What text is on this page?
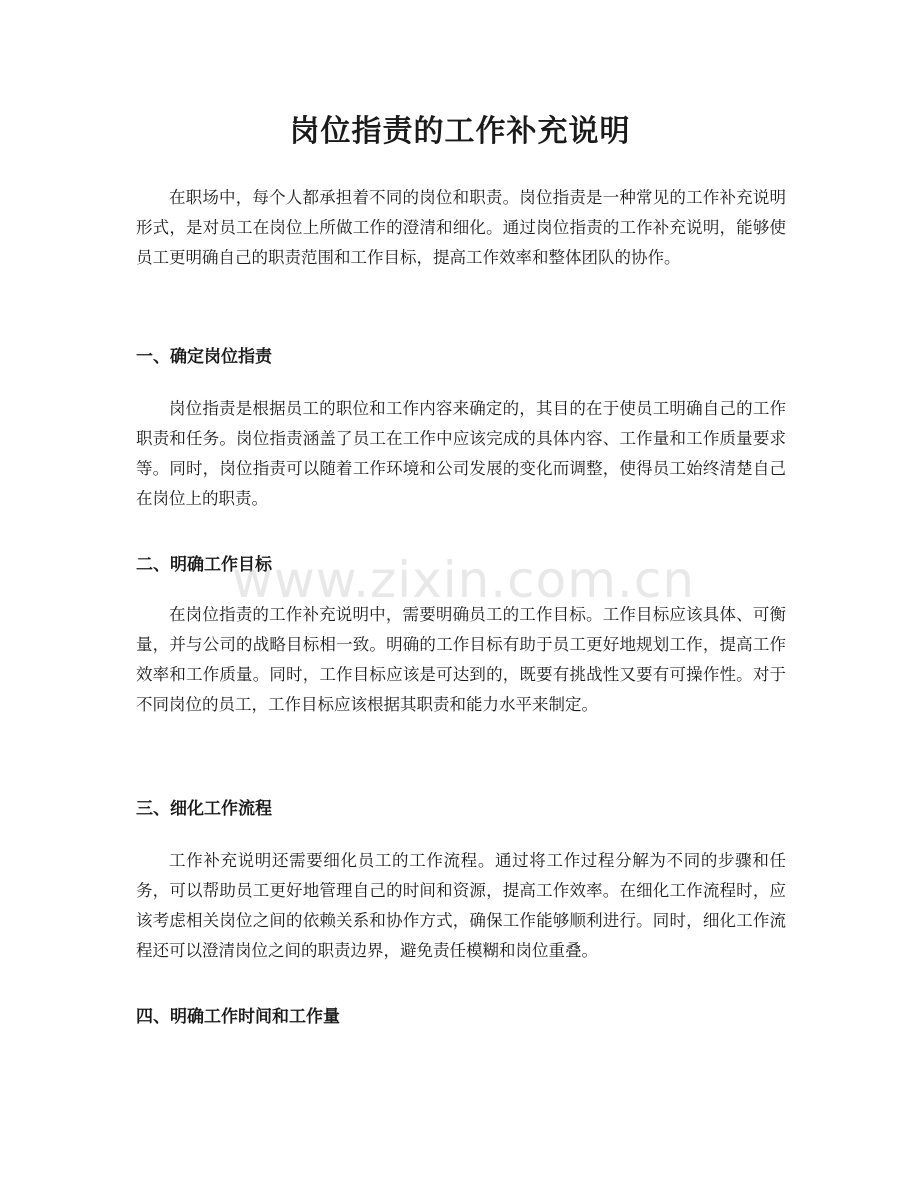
岗位指责的工作补充说明

在职场中，每个人都承担着不同的岗位和职责。岗位指责是一种常见的工作补充说明形式，是对员工在岗位上所做工作的澄清和细化。通过岗位指责的工作补充说明，能够使员工更明确自己的职责范围和工作目标，提高工作效率和整体团队的协作。

一、确定岗位指责

岗位指责是根据员工的职位和工作内容来确定的，其目的在于使员工明确自己的工作职责和任务。岗位指责涵盖了员工在工作中应该完成的具体内容、工作量和工作质量要求等。同时，岗位指责可以随着工作环境和公司发展的变化而调整，使得员工始终清楚自己在岗位上的职责。

二、明确工作目标

在岗位指责的工作补充说明中，需要明确员工的工作目标。工作目标应该具体、可衡量，并与公司的战略目标相一致。明确的工作目标有助于员工更好地规划工作，提高工作效率和工作质量。同时，工作目标应该是可达到的，既要有挑战性又要有可操作性。对于不同岗位的员工，工作目标应该根据其职责和能力水平来制定。

三、细化工作流程

工作补充说明还需要细化员工的工作流程。通过将工作过程分解为不同的步骤和任务，可以帮助员工更好地管理自己的时间和资源，提高工作效率。在细化工作流程时，应该考虑相关岗位之间的依赖关系和协作方式，确保工作能够顺利进行。同时，细化工作流程还可以澄清岗位之间的职责边界，避免责任模糊和岗位重叠。

四、明确工作时间和工作量
www.zixin.com.cn
